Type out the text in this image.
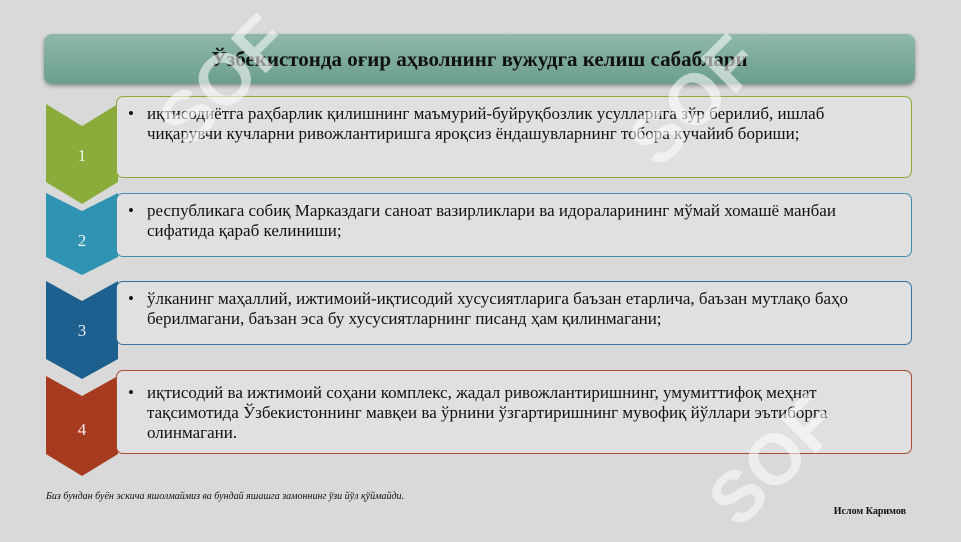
Ўзбекистонда оғир аҳволнинг вужудга келиш сабаблари
1
• иқтисодиётга раҳбарлик қилишнинг маъмурий-буйруқбозлик усулларига зўр берилиб, ишлаб чиқарувчи кучларни ривожлантиришга яроқсиз ёндашувларнинг тобора кучайиб бориши;
2
• республикага собиқ Марказдаги саноат вазирликлари ва идораларининг мўмай хомашё манбаи сифатида қараб келиниши;
3
• ўлканинг маҳаллий, ижтимоий-иқтисодий хусусиятларига баъзан етарлича, баъзан мутлақо баҳо берилмагани, баъзан эса бу хусусиятларнинг писанд ҳам қилинмагани;
4
• иқтисодий ва ижтимоий соҳани комплекс, жадал ривожлантиришнинг, умумиттифоқ меҳнат тақсимотида Ўзбекистоннинг мавқеи ва ўрнини ўзгартиришнинг мувофиқ йўллари эътиборга олинмагани.
Биз бундан буён эскича яшолмаймиз ва бундай яшашга замоннинг ўзи йўл қўймайди.
Ислом Каримов
SOF	SOF
SOF
